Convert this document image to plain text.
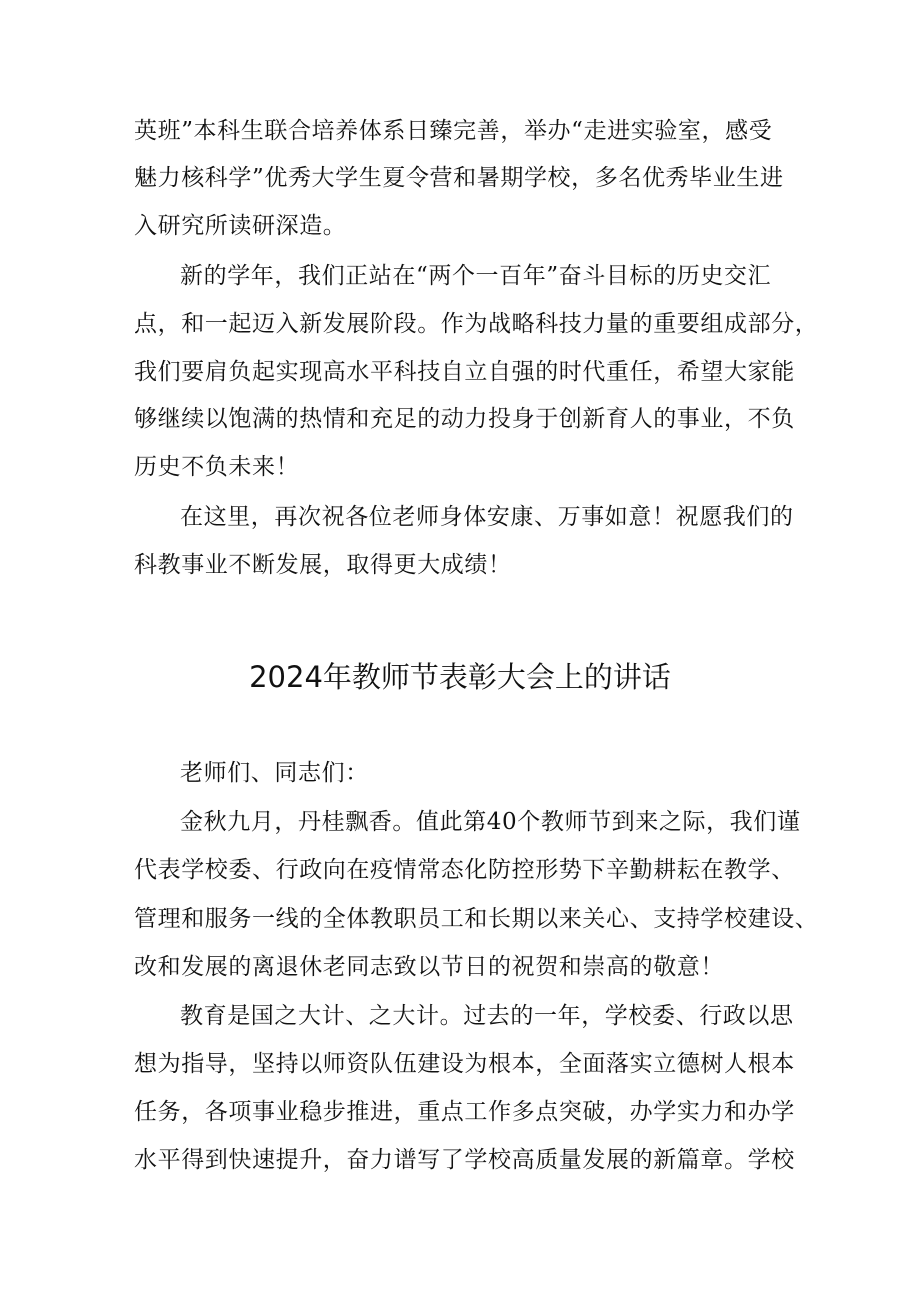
英班”本科生联合培养体系日臻完善，举办“走进实验室，感受
魅力核科学”优秀大学生夏令营和暑期学校，多名优秀毕业生进
入研究所读研深造。
新的学年，我们正站在“两个一百年”奋斗目标的历史交汇
点，和一起迈入新发展阶段。作为战略科技力量的重要组成部分，
我们要肩负起实现高水平科技自立自强的时代重任，希望大家能
够继续以饱满的热情和充足的动力投身于创新育人的事业，不负
历史不负未来！
在这里，再次祝各位老师身体安康、万事如意！祝愿我们的
科教事业不断发展，取得更大成绩！
2024年教师节表彰大会上的讲话
老师们、同志们：
金秋九月，丹桂飘香。值此第40个教师节到来之际，我们谨
代表学校委、行政向在疫情常态化防控形势下辛勤耕耘在教学、
管理和服务一线的全体教职员工和长期以来关心、支持学校建设、
改和发展的离退休老同志致以节日的祝贺和崇高的敬意！
教育是国之大计、之大计。过去的一年，学校委、行政以思
想为指导，坚持以师资队伍建设为根本，全面落实立德树人根本
任务，各项事业稳步推进，重点工作多点突破，办学实力和办学
水平得到快速提升，奋力谱写了学校高质量发展的新篇章。学校
